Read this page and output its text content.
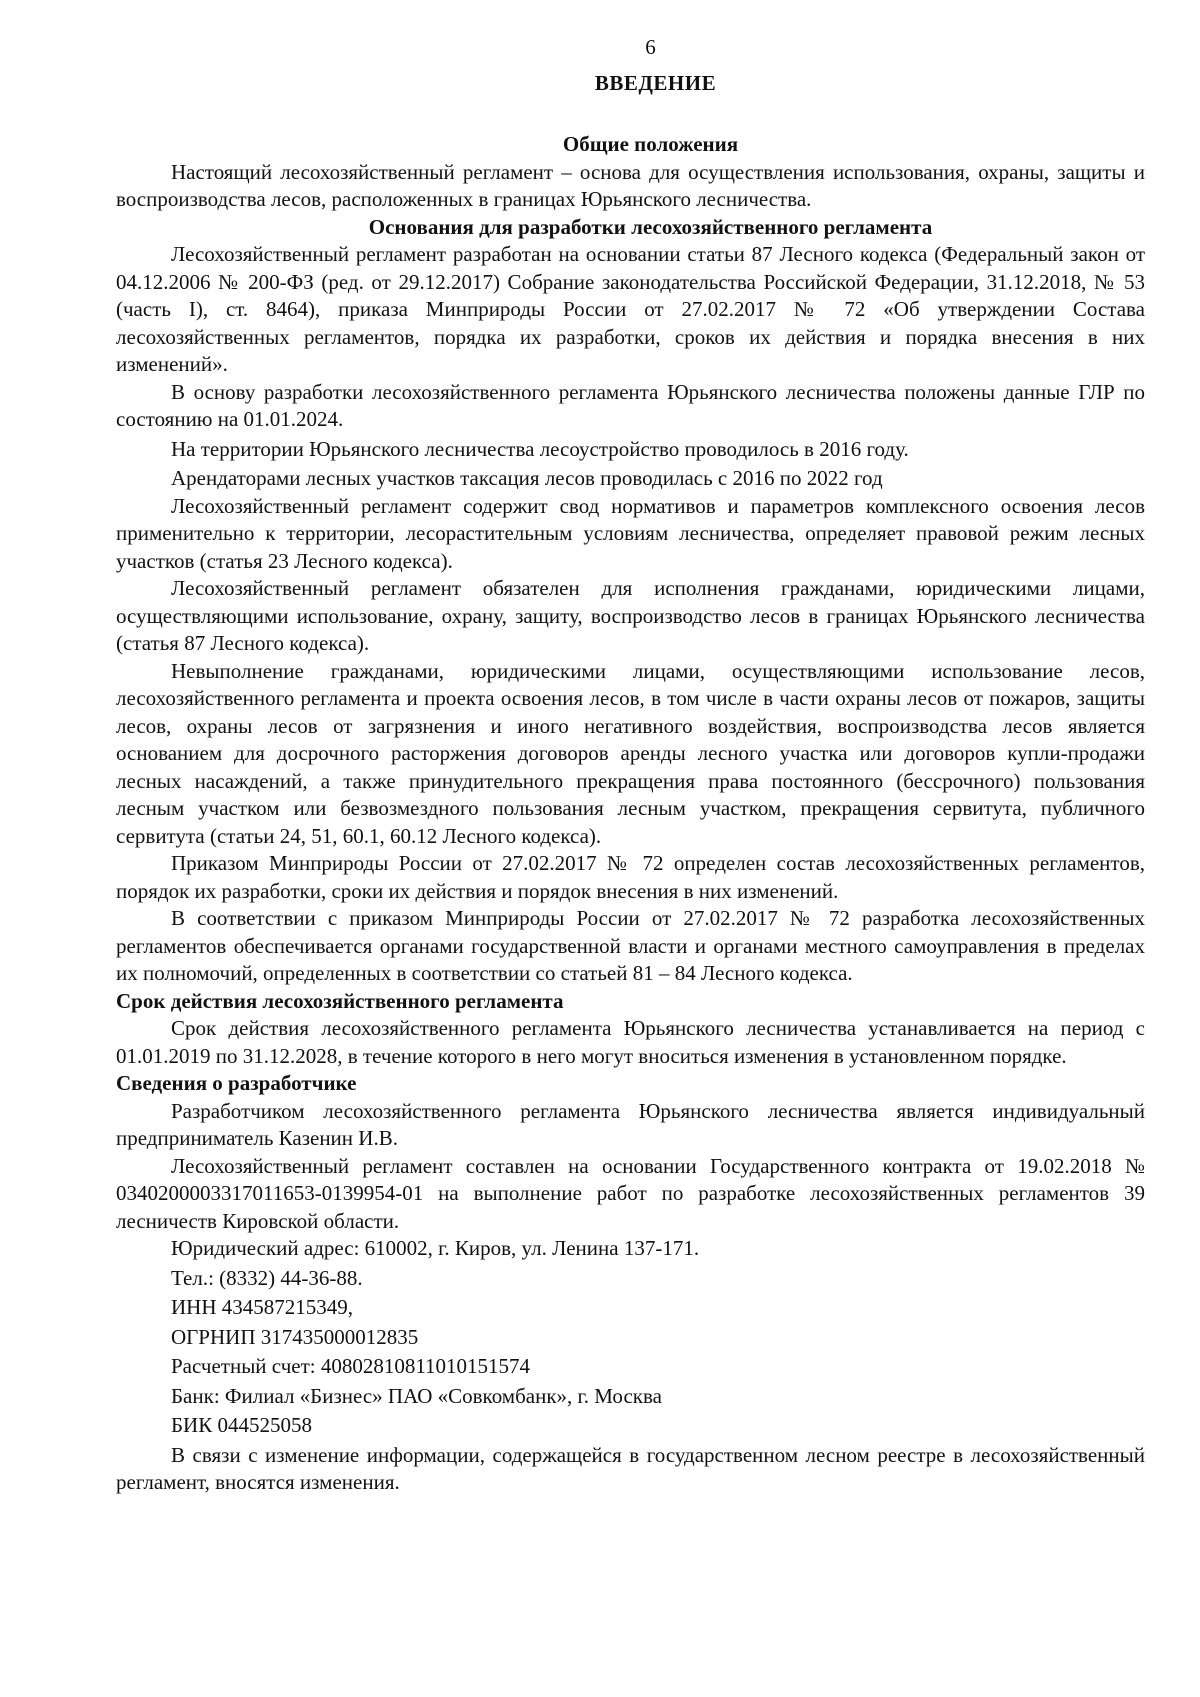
6
ВВЕДЕНИЕ
Общие положения

Настоящий лесохозяйственный регламент – основа для осуществления использования, охраны, защиты и воспроизводства лесов, расположенных в границах Юрьянского лесничества.

Основания для разработки лесохозяйственного регламента

Лесохозяйственный регламент разработан на основании статьи 87 Лесного кодекса (Федеральный закон от 04.12.2006 № 200-ФЗ (ред. от 29.12.2017) Собрание законодательства Российской Федерации, 31.12.2018, № 53 (часть I), ст. 8464), приказа Минприроды России от 27.02.2017 № 72 «Об утверждении Состава лесохозяйственных регламентов, порядка их разработки, сроков их действия и порядка внесения в них изменений».

В основу разработки лесохозяйственного регламента Юрьянского лесничества положены данные ГЛР по состоянию на 01.01.2024.

На территории Юрьянского лесничества лесоустройство проводилось в 2016 году.

Арендаторами лесных участков таксация лесов проводилась с 2016 по 2022 год

Лесохозяйственный регламент содержит свод нормативов и параметров комплексного освоения лесов применительно к территории, лесорастительным условиям лесничества, определяет правовой режим лесных участков (статья 23 Лесного кодекса).

Лесохозяйственный регламент обязателен для исполнения гражданами, юридическими лицами, осуществляющими использование, охрану, защиту, воспроизводство лесов в границах Юрьянского лесничества (статья 87 Лесного кодекса).

Невыполнение гражданами, юридическими лицами, осуществляющими использование лесов, лесохозяйственного регламента и проекта освоения лесов, в том числе в части охраны лесов от пожаров, защиты лесов, охраны лесов от загрязнения и иного негативного воздействия, воспроизводства лесов является основанием для досрочного расторжения договоров аренды лесного участка или договоров купли-продажи лесных насаждений, а также принудительного прекращения права постоянного (бессрочного) пользования лесным участком или безвозмездного пользования лесным участком, прекращения сервитута, публичного сервитута (статьи 24, 51, 60.1, 60.12 Лесного кодекса).

Приказом Минприроды России от 27.02.2017 № 72 определен состав лесохозяйственных регламентов, порядок их разработки, сроки их действия и порядок внесения в них изменений.

В соответствии с приказом Минприроды России от 27.02.2017 № 72 разработка лесохозяйственных регламентов обеспечивается органами государственной власти и органами местного самоуправления в пределах их полномочий, определенных в соответствии со статьей 81 – 84 Лесного кодекса.

Срок действия лесохозяйственного регламента

Срок действия лесохозяйственного регламента Юрьянского лесничества устанавливается на период с 01.01.2019 по 31.12.2028, в течение которого в него могут вноситься изменения в установленном порядке.

Сведения о разработчике

Разработчиком лесохозяйственного регламента Юрьянского лесничества является индивидуальный предприниматель Казенин И.В.

Лесохозяйственный регламент составлен на основании Государственного контракта от 19.02.2018 № 0340200003317011653-0139954-01 на выполнение работ по разработке лесохозяйственных регламентов 39 лесничеств Кировской области.

Юридический адрес: 610002, г. Киров, ул. Ленина 137-171.

Тел.: (8332) 44-36-88.

ИНН 434587215349,

ОГРНИП 317435000012835

Расчетный счет: 40802810811010151574

Банк: Филиал «Бизнес» ПАО «Совкомбанк», г. Москва

БИК 044525058

В связи с изменение информации, содержащейся в государственном лесном реестре в лесохозяйственный регламент, вносятся изменения.
